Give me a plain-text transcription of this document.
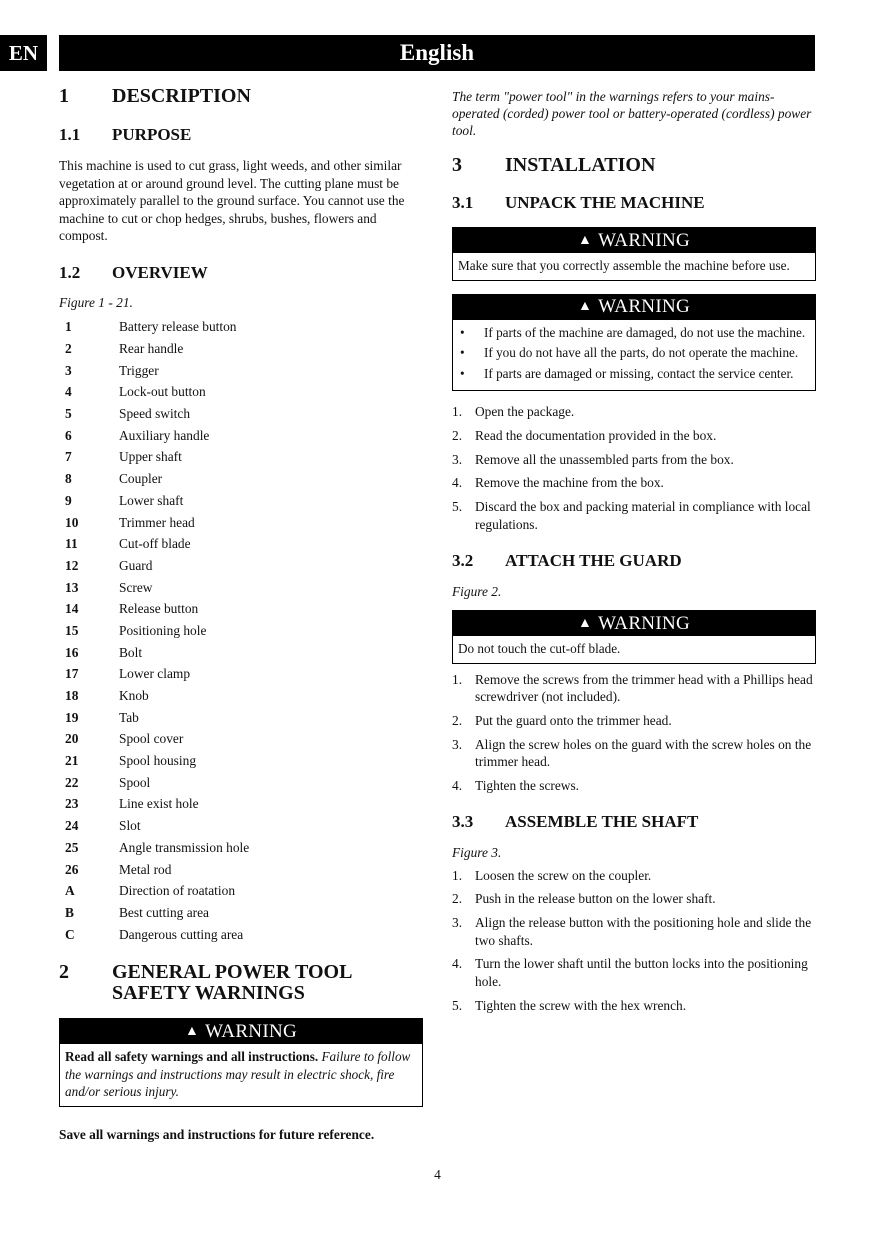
EN	English
1	DESCRIPTION
1.1	PURPOSE
This machine is used to cut grass, light weeds, and other similar vegetation at or around ground level. The cutting plane must be approximately parallel to the ground surface. You cannot use the machine to cut or chop hedges, shrubs, bushes, flowers and compost.
1.2	OVERVIEW
Figure 1 - 21.
1	Battery release button
2	Rear handle
3	Trigger
4	Lock-out button
5	Speed switch
6	Auxiliary handle
7	Upper shaft
8	Coupler
9	Lower shaft
10	Trimmer head
11	Cut-off blade
12	Guard
13	Screw
14	Release button
15	Positioning hole
16	Bolt
17	Lower clamp
18	Knob
19	Tab
20	Spool cover
21	Spool housing
22	Spool
23	Line exist hole
24	Slot
25	Angle transmission hole
26	Metal rod
A	Direction of roatation
B	Best cutting area
C	Dangerous cutting area
2	GENERAL POWER TOOL SAFETY WARNINGS
▲ WARNING
Read all safety warnings and all instructions. Failure to follow the warnings and instructions may result in electric shock, fire and/or serious injury.
Save all warnings and instructions for future reference.
The term "power tool" in the warnings refers to your mains-operated (corded) power tool or battery-operated (cordless) power tool.
3	INSTALLATION
3.1	UNPACK THE MACHINE
▲ WARNING
Make sure that you correctly assemble the machine before use.
▲ WARNING
•	If parts of the machine are damaged, do not use the machine.
•	If you do not have all the parts, do not operate the machine.
•	If parts are damaged or missing, contact the service center.
1. Open the package.
2. Read the documentation provided in the box.
3. Remove all the unassembled parts from the box.
4. Remove the machine from the box.
5. Discard the box and packing material in compliance with local regulations.
3.2	ATTACH THE GUARD
Figure 2.
▲ WARNING
Do not touch the cut-off blade.
1. Remove the screws from the trimmer head with a Phillips head screwdriver (not included).
2. Put the guard onto the trimmer head.
3. Align the screw holes on the guard with the screw holes on the trimmer head.
4. Tighten the screws.
3.3	ASSEMBLE THE SHAFT
Figure 3.
1. Loosen the screw on the coupler.
2. Push in the release button on the lower shaft.
3. Align the release button with the positioning hole and slide the two shafts.
4. Turn the lower shaft until the button locks into the positioning hole.
5. Tighten the screw with the hex wrench.
4
